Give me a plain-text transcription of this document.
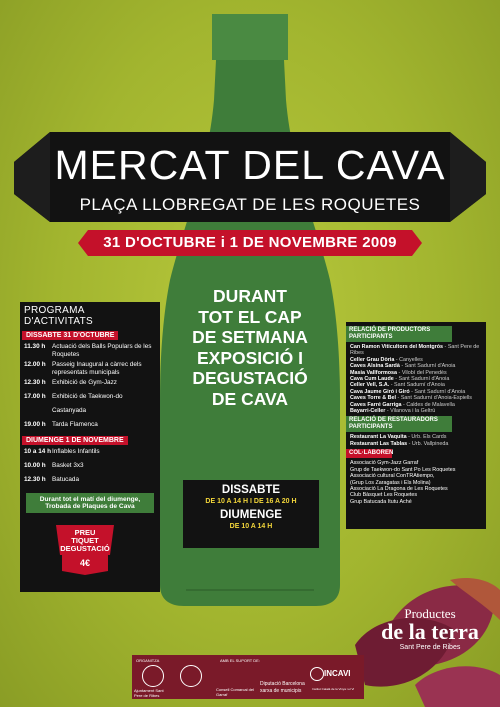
MERCAT DEL CAVA
PLAÇA LLOBREGAT DE LES ROQUETES
31 D'OCTUBRE i 1 DE NOVEMBRE 2009
PROGRAMA D'ACTIVITATS
DISSABTE 31 D'OCTUBRE
11.30 h	Actuació dels Balls Populars de les Roquetes
12.00 h Passeig Inaugural a càrrec dels representats municipals
12.30 h Exhibició de Gym-Jazz
17.00 h Exhibició de Taekwon-do
Castanyada
19.00 h Tarda Flamenca
DIUMENGE 1 DE NOVEMBRE
10 a 14 h Inflables Infantils
10.00 h Basket 3x3
12.30 h Batucada
Durant tot el matí del diumenge, Trobada de Plaques de Cava
PREU TIQUET DEGUSTACIÓ
4€
DURANT
TOT EL CAP
DE SETMANA
EXPOSICIÓ I
DEGUSTACIÓ
DE CAVA
DISSABTE
DE 10 A 14 H I DE 16 A 20 H
DIUMENGE
DE 10 A 14 H
RELACIÓ DE PRODUCTORS PARTICIPANTS
Can Ramon Viticultors del Montgrós - Sant Pere de Ribes
Celler Grau Dòria - Canyelles
Caves Alsina Sardà - Sant Sadurní d'Anoia
Masia Vallformosa - Vilobí del Penedès
Cava Cum Laude - Sant Sadurní d'Anoia
Celler Vell, S.A. - Sant Sadurní d'Anoia
Cava Jaume Giró i Giró - Sant Sadurní d'Anoia
Caves Torre & Bel - Sant Sadurní d'Anoia-Espiells
Caves Farré Garriga - Caldes de Malavella
Bayarri-Celler - Vilanova i la Geltrú
RELACIÓ DE RESTAURADORS PARTICIPANTS
Restaurant La Vaquita - Urb. Els Cards
Restaurant Las Tablas - Urb. Vallpineda
COL·LABOREN
Associació Gym-Jazz Garraf
Grup de Taekwon-do Sant Po Les Roquetes
Associació cultural ConTRAtiempo,
(Grup Los Zaragatas i Els Molina)
Associació La Dragona de Les Roquetes
Club Bàsquet Les Roquetes
Grup Batucada Itutu Aché
Productes
de la terra
Sant Pere de Ribes
ORGANITZA
Ajuntament Sant Pere de Ribes
AMB EL SUPORT DE:
Consell Comarcal del Garraf
Diputació Barcelona
xarxa de municipis
INCAVI
Institut Català de la Vinya i el Vi
